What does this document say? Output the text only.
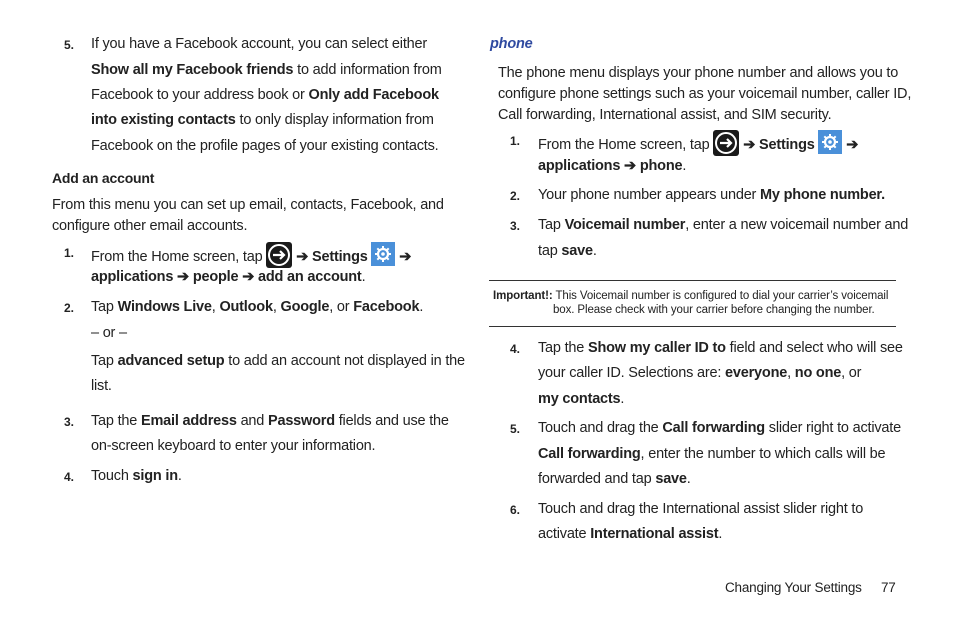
5. If you have a Facebook account, you can select either
Show all my Facebook friends to add information from
Facebook to your address book or Only add Facebook
into existing contacts to only display information from
Facebook on the profile pages of your existing contacts.
Add an account
From this menu you can set up email, contacts, Facebook, and
configure other email accounts.
1. From the Home screen, tap ➔ Settings ➔
applications ➔ people ➔ add an account.
2. Tap Windows Live, Outlook, Google, or Facebook.
– or –
Tap advanced setup to add an account not displayed in the
list.
3. Tap the Email address and Password fields and use the
on-screen keyboard to enter your information.
4. Touch sign in.
phone
The phone menu displays your phone number and allows you to
configure phone settings such as your voicemail number, caller ID,
Call forwarding, International assist, and SIM security.
1. From the Home screen, tap ➔ Settings ➔
applications ➔ phone.
2. Your phone number appears under My phone number.
3. Tap Voicemail number, enter a new voicemail number and
tap save.
Important!: This Voicemail number is configured to dial your carrier’s voicemail
box. Please check with your carrier before changing the number.
4. Tap the Show my caller ID to field and select who will see
your caller ID. Selections are: everyone, no one, or
my contacts.
5. Touch and drag the Call forwarding slider right to activate
Call forwarding, enter the number to which calls will be
forwarded and tap save.
6. Touch and drag the International assist slider right to
activate International assist.
Changing Your Settings 77
